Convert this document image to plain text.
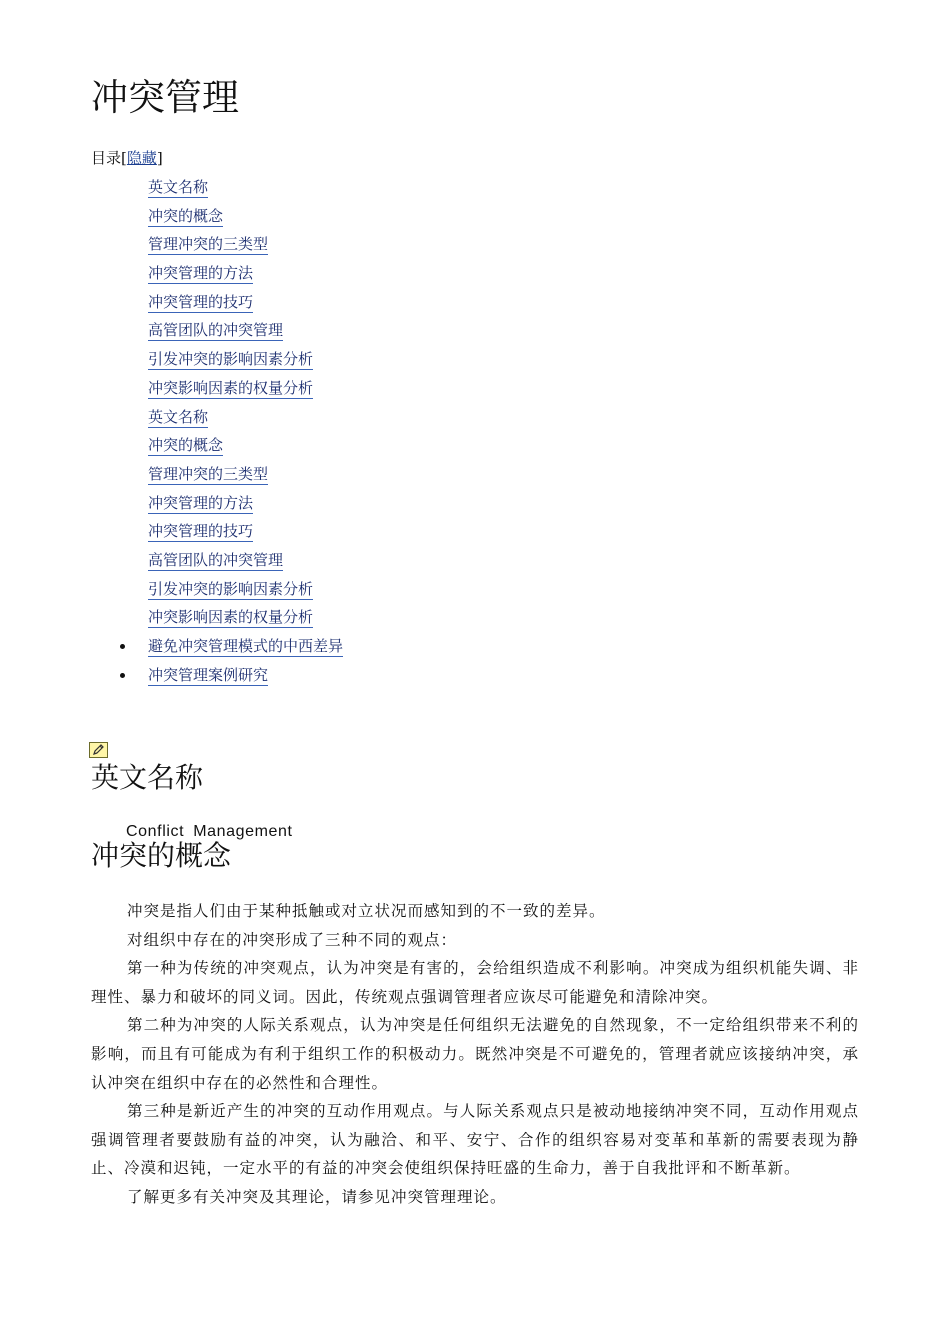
冲突管理
目录[隐藏]
英文名称
冲突的概念
管理冲突的三类型
冲突管理的方法
冲突管理的技巧
高管团队的冲突管理
引发冲突的影响因素分析
冲突影响因素的权量分析
英文名称
冲突的概念
管理冲突的三类型
冲突管理的方法
冲突管理的技巧
高管团队的冲突管理
引发冲突的影响因素分析
冲突影响因素的权量分析
避免冲突管理模式的中西差异
冲突管理案例研究
英文名称
Conflict Management
冲突的概念

冲突是指人们由于某种抵触或对立状况而感知到的不一致的差异。

对组织中存在的冲突形成了三种不同的观点：

第一种为传统的冲突观点，认为冲突是有害的，会给组织造成不利影响。冲突成为组织机能失调、非理性、暴力和破坏的同义词。因此，传统观点强调管理者应诙尽可能避免和清除冲突。

第二种为冲突的人际关系观点，认为冲突是任何组织无法避免的自然现象，不一定给组织带来不利的影响，而且有可能成为有利于组织工作的积极动力。既然冲突是不可避免的，管理者就应该接纳冲突，承认冲突在组织中存在的必然性和合理性。

第三种是新近产生的冲突的互动作用观点。与人际关系观点只是被动地接纳冲突不同，互动作用观点强调管理者要鼓励有益的冲突，认为融洽、和平、安宁、合作的组织容易对变革和革新的需要表现为静止、冷漠和迟钝，一定水平的有益的冲突会使组织保持旺盛的生命力，善于自我批评和不断革新。

了解更多有关冲突及其理论，请参见冲突管理理论。
